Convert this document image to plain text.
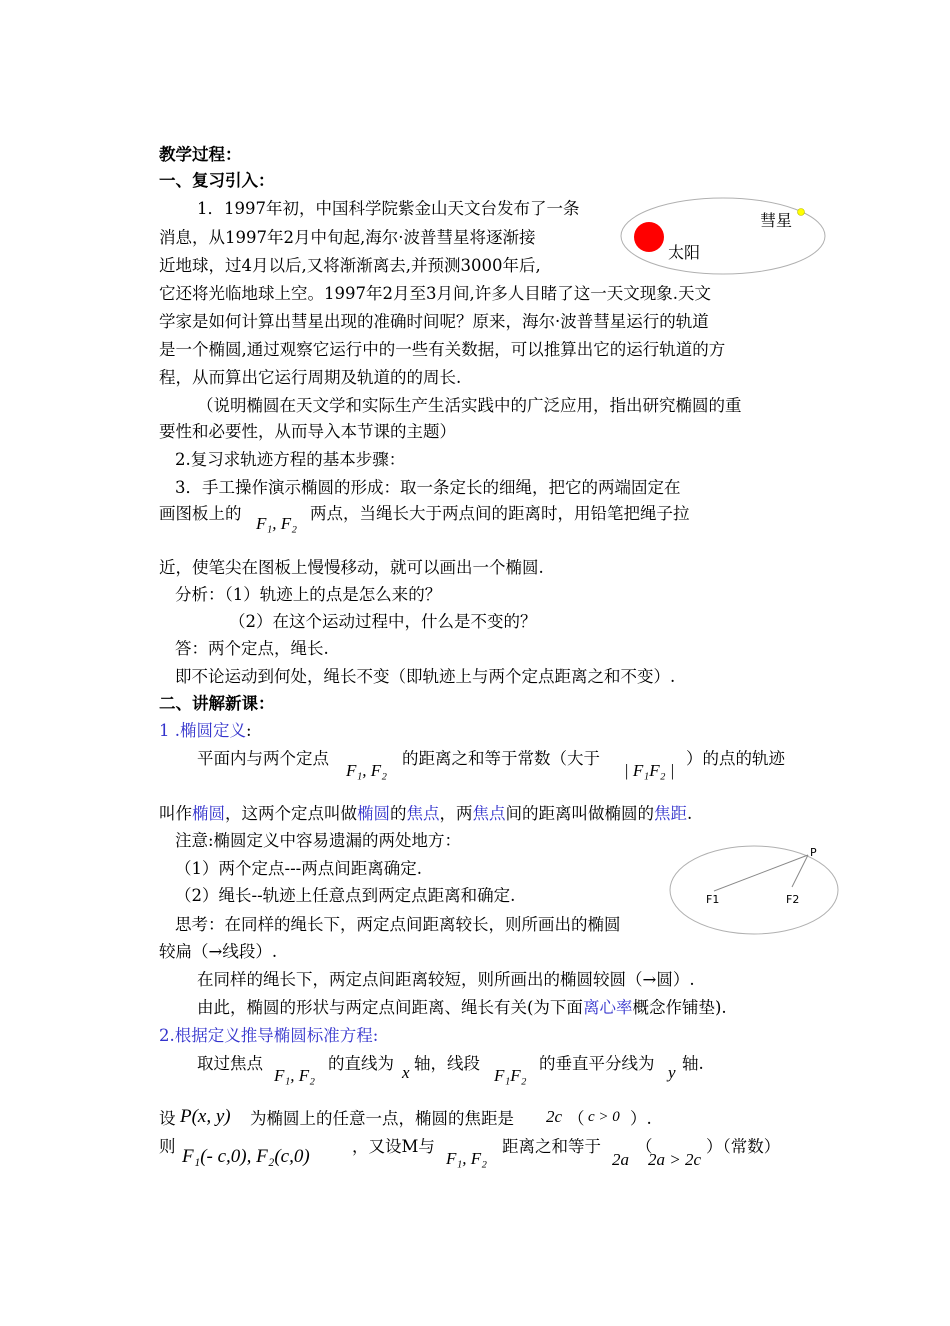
教学过程：
一、复习引入：
1．1997年初，中国科学院紫金山天文台发布了一条
消息，从1997年2月中旬起,海尔·波普彗星将逐渐接
近地球，过4月以后,又将渐渐离去,并预测3000年后,
它还将光临地球上空。1997年2月至3月间,许多人目睹了这一天文现象.天文
学家是如何计算出彗星出现的准确时间呢？原来，海尔·波普彗星运行的轨道
是一个椭圆,通过观察它运行中的一些有关数据，可以推算出它的运行轨道的方
程，从而算出它运行周期及轨道的的周长.
彗星
太阳
（说明椭圆在天文学和实际生产生活实践中的广泛应用，指出研究椭圆的重
要性和必要性，从而导入本节课的主题）
2.复习求轨迹方程的基本步骤：
3．手工操作演示椭圆的形成：取一条定长的细绳，把它的两端固定在
画图板上的
F₁, F₂
两点，当绳长大于两点间的距离时，用铅笔把绳子拉
近，使笔尖在图板上慢慢移动，就可以画出一个椭圆.
分析：（1）轨迹上的点是怎么来的？
（2）在这个运动过程中，什么是不变的？
答：两个定点，绳长.
即不论运动到何处，绳长不变（即轨迹上与两个定点距离之和不变）.
二、讲解新课：
1 .椭圆定义:
平面内与两个定点
F₁, F₂
的距离之和等于常数（大于
| F₁F₂ |
）的点的轨迹
叫作椭圆，这两个定点叫做椭圆的焦点，两焦点间的距离叫做椭圆的焦距.
注意:椭圆定义中容易遗漏的两处地方：
（1）两个定点---两点间距离确定.
（2）绳长--轨迹上任意点到两定点距离和确定.
P
F1	F2
思考：在同样的绳长下，两定点间距离较长，则所画出的椭圆
较扁（→线段）.
在同样的绳长下，两定点间距离较短，则所画出的椭圆较圆（→圆）.
由此，椭圆的形状与两定点间距离、绳长有关(为下面离心率概念作铺垫).
2.根据定义推导椭圆标准方程:
取过焦点
F₁, F₂
的直线为 x 轴，线段
F₁F₂
的垂直平分线为 y 轴.
设 P(x, y) 为椭圆上的任意一点，椭圆的焦距是 2c （ c > 0 ）.
则 F₁(- c,0), F₂(c,0)	，又设M与
F₁, F₂
距离之和等于
2a
（
2a > 2c
）（常数）
